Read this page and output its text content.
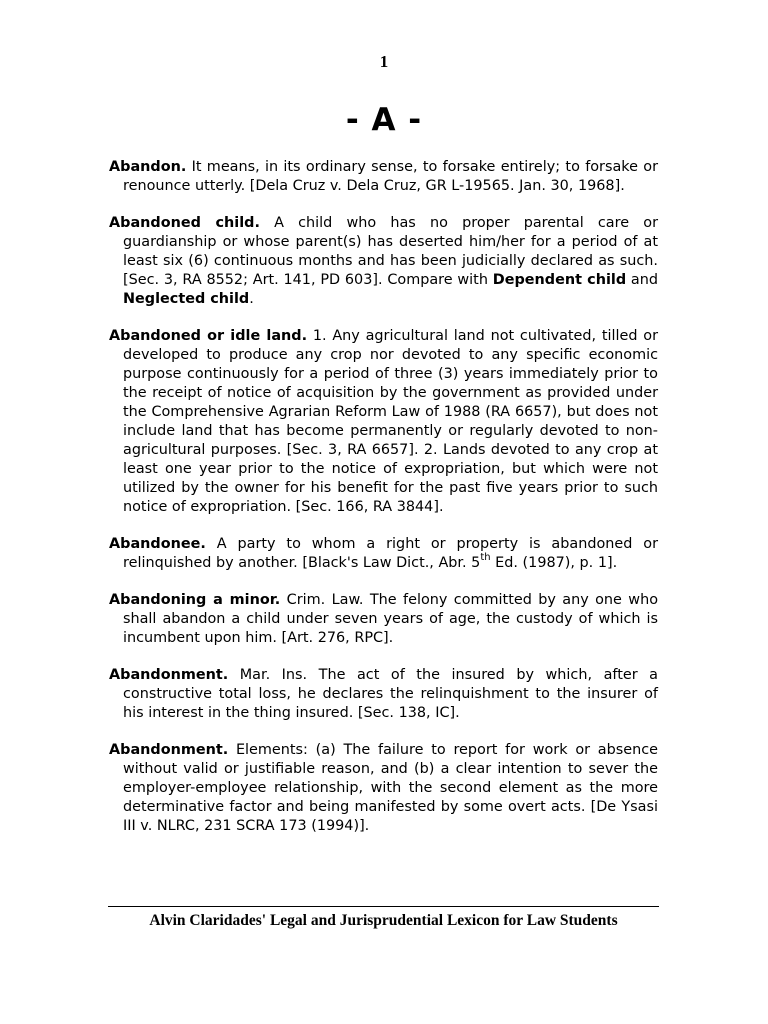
1
- A -

Abandon. It means, in its ordinary sense, to forsake entirely; to forsake or renounce utterly. [Dela Cruz v. Dela Cruz, GR L-19565. Jan. 30, 1968].

Abandoned child. A child who has no proper parental care or guardianship or whose parent(s) has deserted him/her for a period of at least six (6) continuous months and has been judicially declared as such. [Sec. 3, RA 8552; Art. 141, PD 603]. Compare with Dependent child and Neglected child.

Abandoned or idle land. 1. Any agricultural land not cultivated, tilled or developed to produce any crop nor devoted to any specific economic purpose continuously for a period of three (3) years immediately prior to the receipt of notice of acquisition by the government as provided under the Comprehensive Agrarian Reform Law of 1988 (RA 6657), but does not include land that has become permanently or regularly devoted to non-agricultural purposes. [Sec. 3, RA 6657]. 2. Lands devoted to any crop at least one year prior to the notice of expropriation, but which were not utilized by the owner for his benefit for the past five years prior to such notice of expropriation. [Sec. 166, RA 3844].

Abandonee. A party to whom a right or property is abandoned or relinquished by another. [Black's Law Dict., Abr. 5th Ed. (1987), p. 1].

Abandoning a minor. Crim. Law. The felony committed by any one who shall abandon a child under seven years of age, the custody of which is incumbent upon him. [Art. 276, RPC].

Abandonment. Mar. Ins. The act of the insured by which, after a constructive total loss, he declares the relinquishment to the insurer of his interest in the thing insured. [Sec. 138, IC].

Abandonment. Elements: (a) The failure to report for work or absence without valid or justifiable reason, and (b) a clear intention to sever the employer-employee relationship, with the second element as the more determinative factor and being manifested by some overt acts. [De Ysasi III v. NLRC, 231 SCRA 173 (1994)].

Alvin Claridades' Legal and Jurisprudential Lexicon for Law Students
